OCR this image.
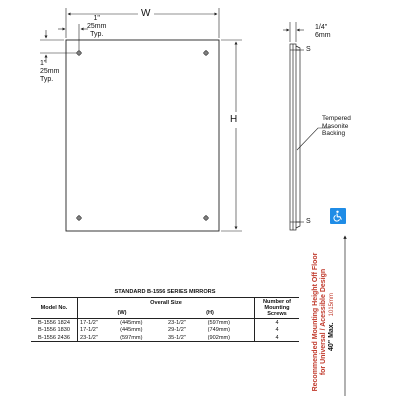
W
H
1"
25mm
Typ.
1"
25mm
Typ.
1/4"
6mm
S
S
Tempered
Masonite
Backing
Recommended Mounting Height Off Floor for Universal / Acessible Design 40" Max.1015mm
STANDARD B-1556 SERIES MIRRORS
Model No.	Overall Size				Number of Mounting Screws
	(W)		(H)		
B-1556 1824	17-1/2"	(445mm)	23-1/2"	(597mm)	4
B-1556 1830	17-1/2"	(445mm)	29-1/2"	(749mm)	4
B-1556 2436	23-1/2"	(597mm)	35-1/2"	(902mm)	4
